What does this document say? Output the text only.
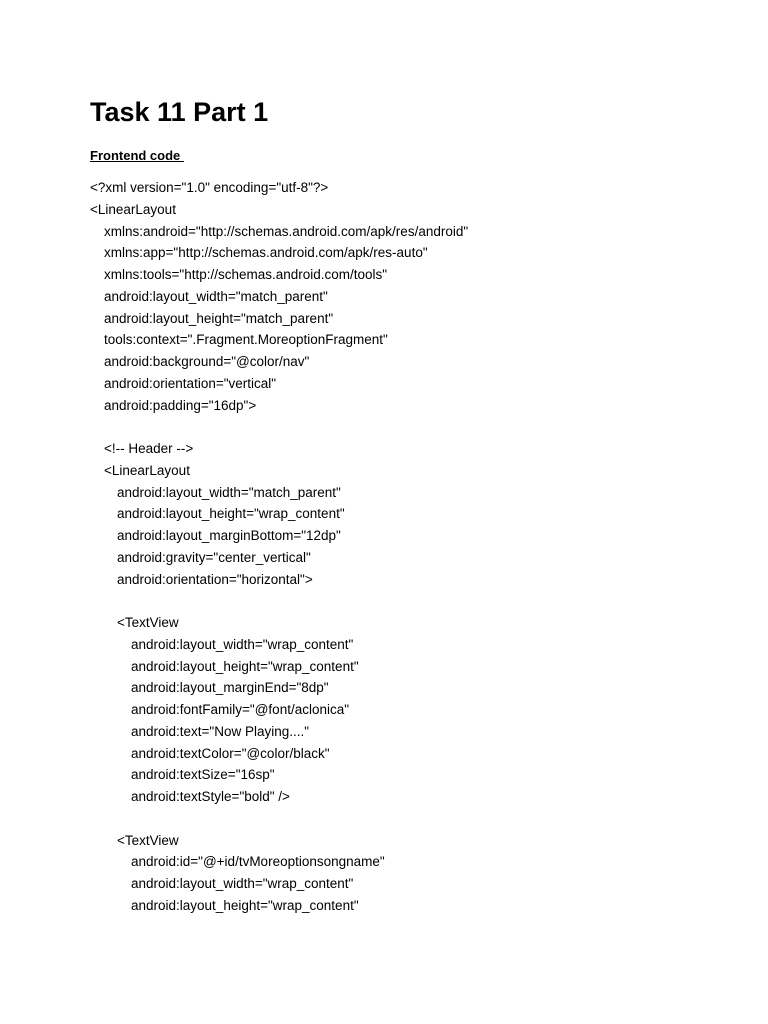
Task 11 Part 1
Frontend code
<?xml version="1.0" encoding="utf-8"?>
<LinearLayout
xmlns:android="http://schemas.android.com/apk/res/android"
xmlns:app="http://schemas.android.com/apk/res-auto"
xmlns:tools="http://schemas.android.com/tools"
android:layout_width="match_parent"
android:layout_height="match_parent"
tools:context=".Fragment.MoreoptionFragment"
android:background="@color/nav"
android:orientation="vertical"
android:padding="16dp">
<!-- Header -->
<LinearLayout
android:layout_width="match_parent"
android:layout_height="wrap_content"
android:layout_marginBottom="12dp"
android:gravity="center_vertical"
android:orientation="horizontal">
<TextView
android:layout_width="wrap_content"
android:layout_height="wrap_content"
android:layout_marginEnd="8dp"
android:fontFamily="@font/aclonica"
android:text="Now Playing...."
android:textColor="@color/black"
android:textSize="16sp"
android:textStyle="bold" />
<TextView
android:id="@+id/tvMoreoptionsongname"
android:layout_width="wrap_content"
android:layout_height="wrap_content"
